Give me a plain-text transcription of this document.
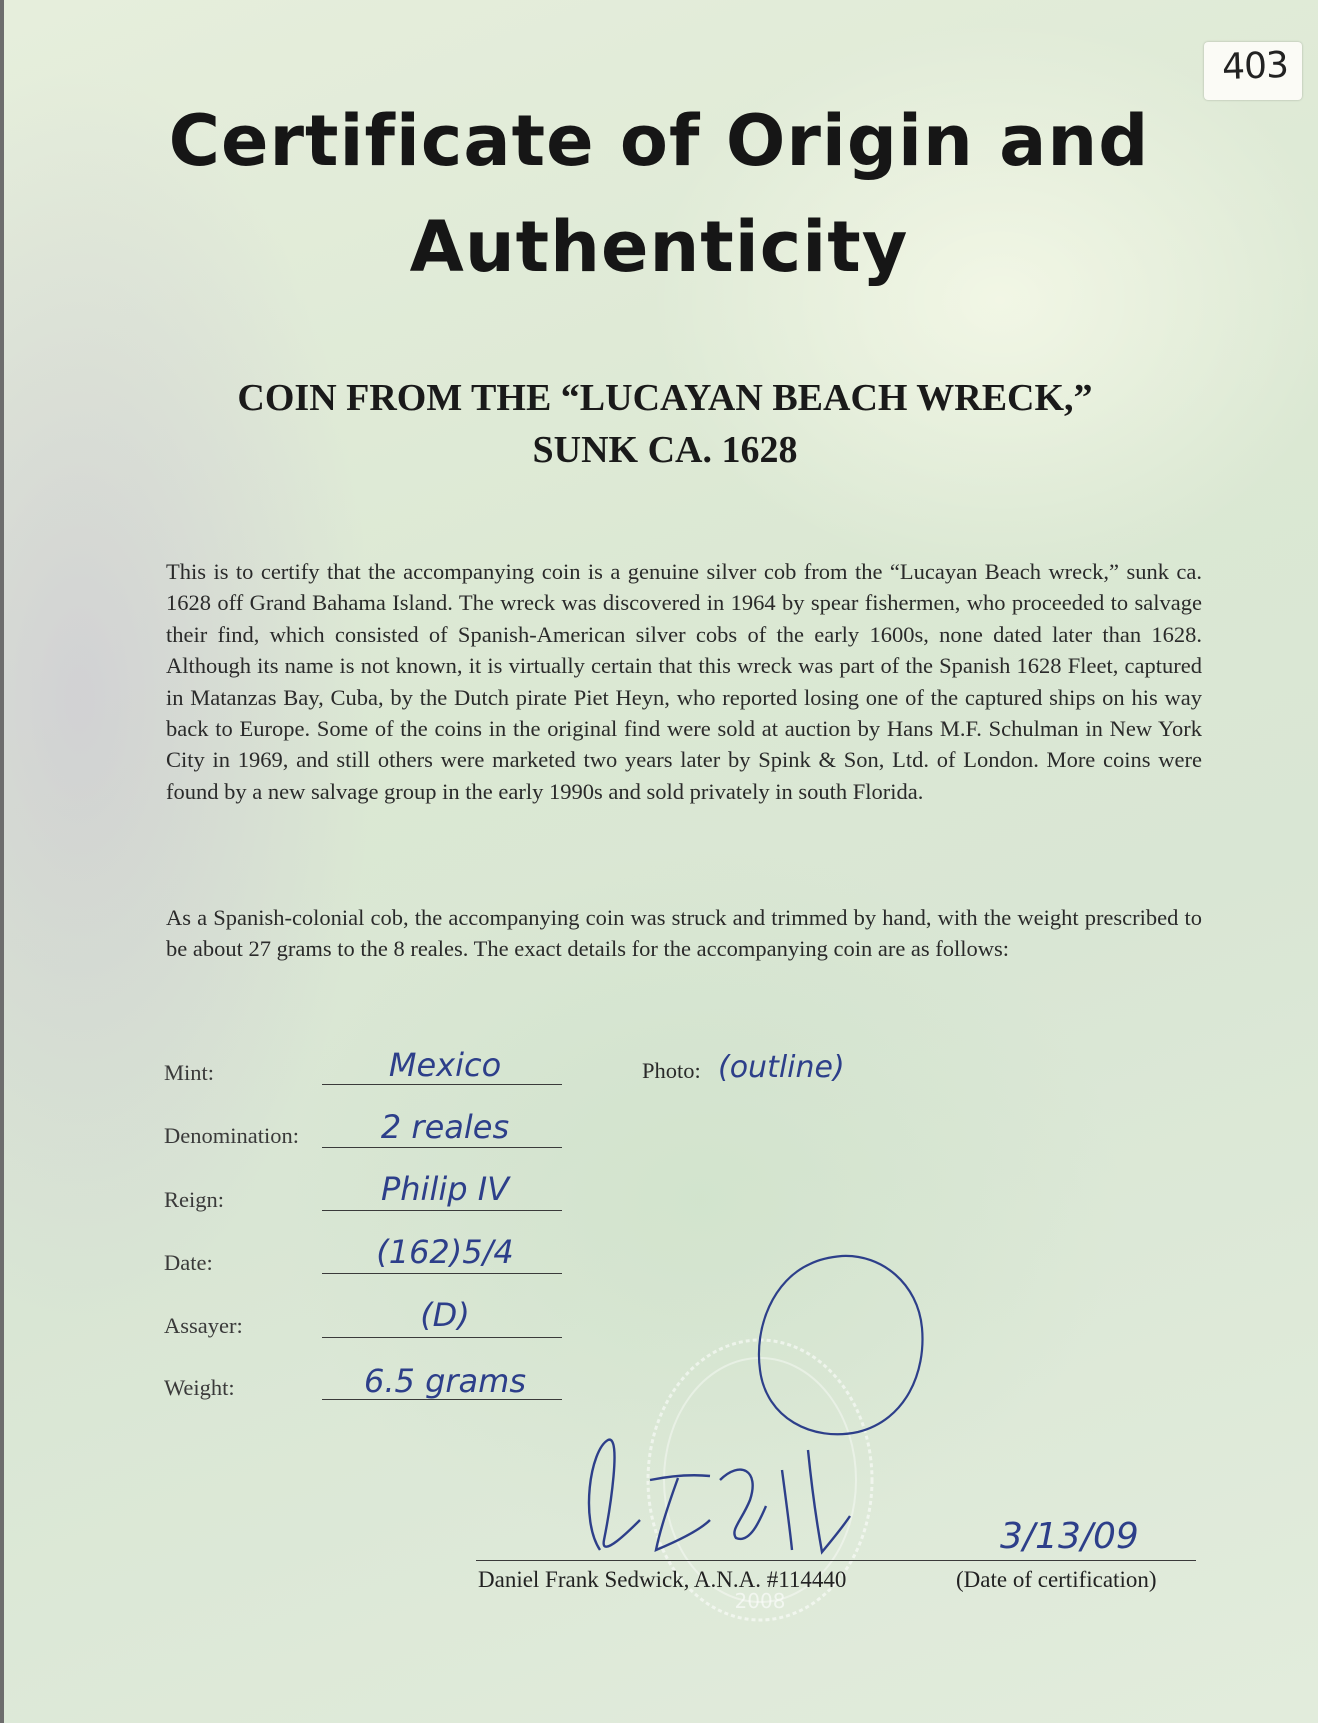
403
Certificate of Origin and
Authenticity
COIN FROM THE “LUCAYAN BEACH WRECK,”
SUNK CA. 1628
This is to certify that the accompanying coin is a genuine silver cob from the “Lucayan Beach wreck,” sunk ca. 1628 off Grand Bahama Island. The wreck was discovered in 1964 by spear fishermen, who proceeded to salvage their find, which consisted of Spanish-American silver cobs of the early 1600s, none dated later than 1628. Although its name is not known, it is virtually certain that this wreck was part of the Spanish 1628 Fleet, captured in Matanzas Bay, Cuba, by the Dutch pirate Piet Heyn, who reported losing one of the captured ships on his way back to Europe. Some of the coins in the original find were sold at auction by Hans M.F. Schulman in New York City in 1969, and still others were marketed two years later by Spink & Son, Ltd. of London. More coins were found by a new salvage group in the early 1990s and sold privately in south Florida.
As a Spanish-colonial cob, the accompanying coin was struck and trimmed by hand, with the weight prescribed to be about 27 grams to the 8 reales. The exact details for the accompanying coin are as follows:
Mint:	Mexico
Denomination:	2 reales
Reign:	Philip IV
Date:	(162)5/4
Assayer:	(D)
Weight:	6.5 grams
Photo: (outline)
2008
Daniel Frank Sedwick, A.N.A. #114440
3/13/09
(Date of certification)
